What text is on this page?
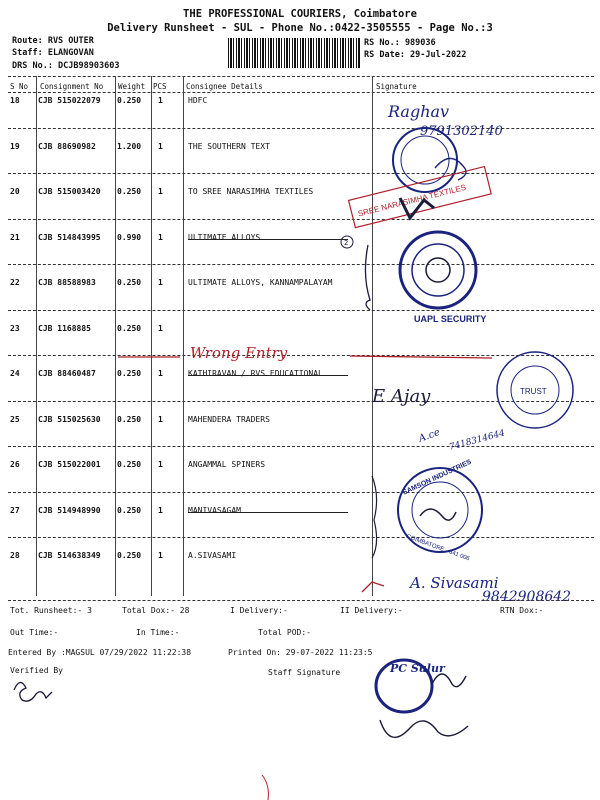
THE PROFESSIONAL COURIERS, Coimbatore
Delivery Runsheet - SUL - Phone No.:0422-3505555 - Page No.:3
Route: RVS OUTER
Staff: ELANGOVAN
DRS No.: DCJB98903603
RS No.: 989036
RS Date: 29-Jul-2022
S No Consignment No Weight PCS	Consignee Details	Signature
18 CJB 515022079 0.250 1	HDFC
19 CJB 88690982	1.200 1	THE SOUTHERN TEXT
20 CJB 515003420 0.250 1	TO SREE NARASIMHA TEXTILES
21 CJB 514843995 0.990 1	ULTIMATE ALLOYS
22 CJB 88588983	0.250 1	ULTIMATE ALLOYS, KANNAMPALAYAM
23 CJB 1168885	0.250 1
24 CJB 88460487	0.250 1	KATHIRAVAN / RVS EDUCATIONAL
25 CJB 515025630 0.250 1	MAHENDERA TRADERS
26 CJB 515022001 0.250 1	ANGAMMAL SPINERS
27 CJB 514948990 0.250 1	MANIVASAGAM
28 CJB 514638349 0.250 1	A.SIVASAMI
Wrong Entry
Raghav
9791302140
SREE NARASIMHA TEXTILES
2
UAPL SECURITY
TRUST
E Ajay
A.ce 7418314644
SAMSON INDUSTRIES
COIMBATORE - 641 006
A. Sivasami
9842908642
PC Sulur
Tot. Runsheet:- 3	Total Dox:- 28	I Delivery:-	II Delivery:-	RTN Dox:-
Out Time:-	In Time:-	Total POD:-
Entered By :MAGSUL 07/29/2022 11:22:38	Printed On: 29-07-2022 11:23:5
Verified By	Staff Signature
